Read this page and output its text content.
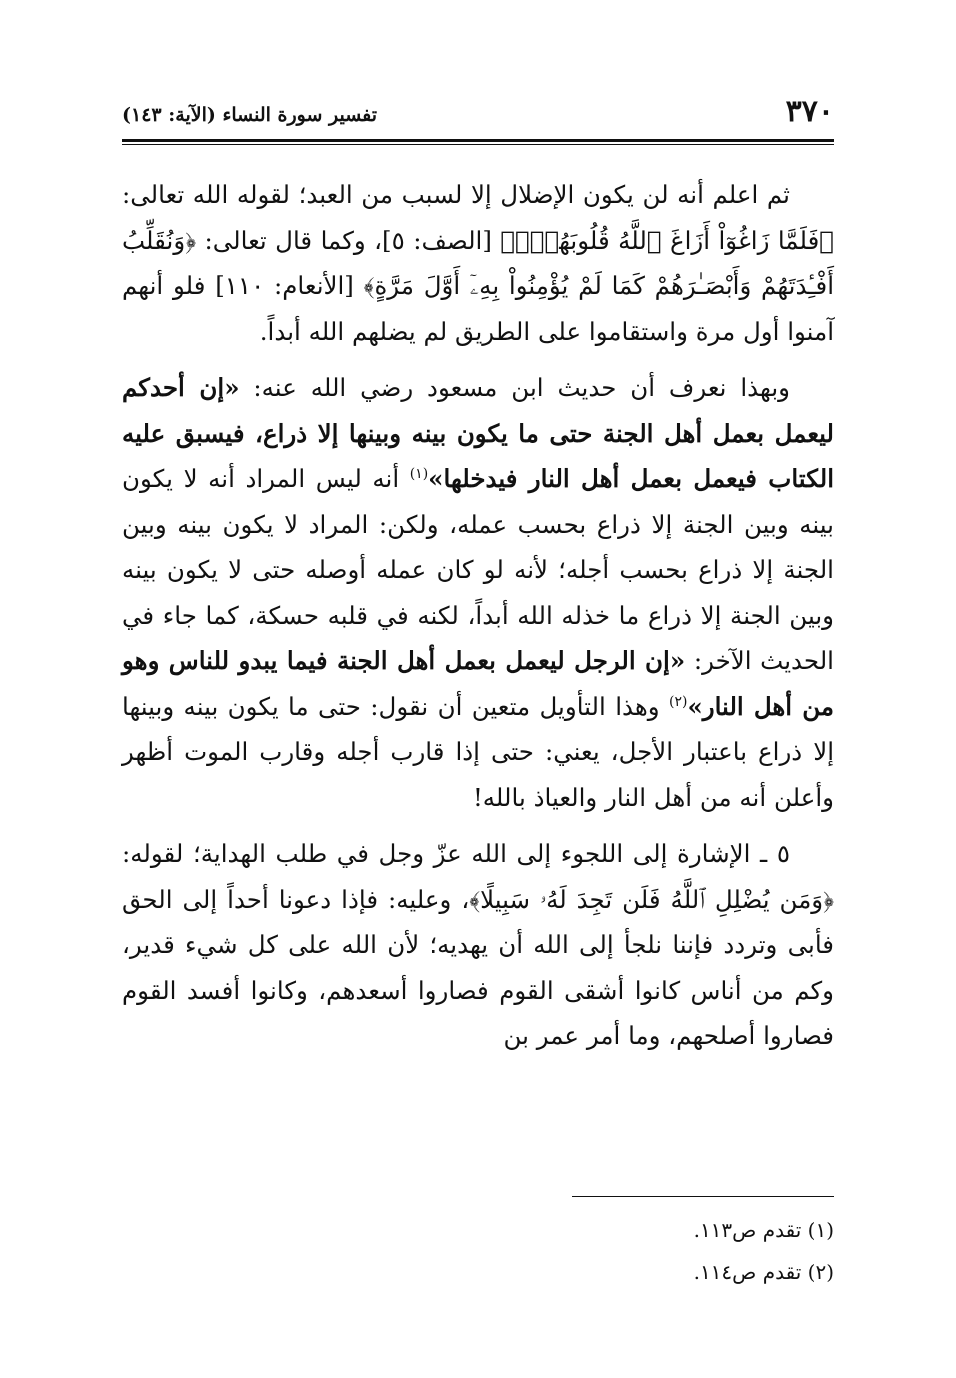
٣٧٠
تفسير سورة النساء (الآية: ١٤٣)

ثم اعلم أنه لن يكون الإضلال إلا لسبب من العبد؛ لقوله الله تعالى: ﴿فَلَمَّا زَاغُوٓاْ أَزَاغَ ٱللَّهُ قُلُوبَهُمْۚ﴾ [الصف: ٥]، وكما قال تعالى: ﴿وَنُقَلِّبُ أَفْـِٔدَتَهُمْ وَأَبْصَـٰرَهُمْ كَمَا لَمْ يُؤْمِنُواْ بِهِۦٓ أَوَّلَ مَرَّةٍ﴾ [الأنعام: ١١٠] فلو أنهم آمنوا أول مرة واستقاموا على الطريق لم يضلهم الله أبداً.

وبهذا نعرف أن حديث ابن مسعود رضي الله عنه: «إن أحدكم ليعمل بعمل أهل الجنة حتى ما يكون بينه وبينها إلا ذراع، فيسبق عليه الكتاب فيعمل بعمل أهل النار فيدخلها»$^{(١)}$ أنه ليس المراد أنه لا يكون بينه وبين الجنة إلا ذراع بحسب عمله، ولكن: المراد لا يكون بينه وبين الجنة إلا ذراع بحسب أجله؛ لأنه لو كان عمله أوصله حتى لا يكون بينه وبين الجنة إلا ذراع ما خذله الله أبداً، لكنه في قلبه حسكة، كما جاء في الحديث الآخر: «إن الرجل ليعمل بعمل أهل الجنة فيما يبدو للناس وهو من أهل النار»$^{(٢)}$ وهذا التأويل متعين أن نقول: حتى ما يكون بينه وبينها إلا ذراع باعتبار الأجل، يعني: حتى إذا قارب أجله وقارب الموت أظهر وأعلن أنه من أهل النار والعياذ بالله!

٥ ـ الإشارة إلى اللجوء إلى الله عزّ وجل في طلب الهداية؛ لقوله: ﴿وَمَن يُضْلِلِ ٱللَّهُ فَلَن تَجِدَ لَهُۥ سَبِيلًا﴾، وعليه: فإذا دعونا أحداً إلى الحق فأبى وتردد فإننا نلجأ إلى الله أن يهديه؛ لأن الله على كل شيء قدير، وكم من أناس كانوا أشقى القوم فصاروا أسعدهم، وكانوا أفسد القوم فصاروا أصلحهم، وما أمر عمر بن

(١) تقدم ص١١٣.
(٢) تقدم ص١١٤.
